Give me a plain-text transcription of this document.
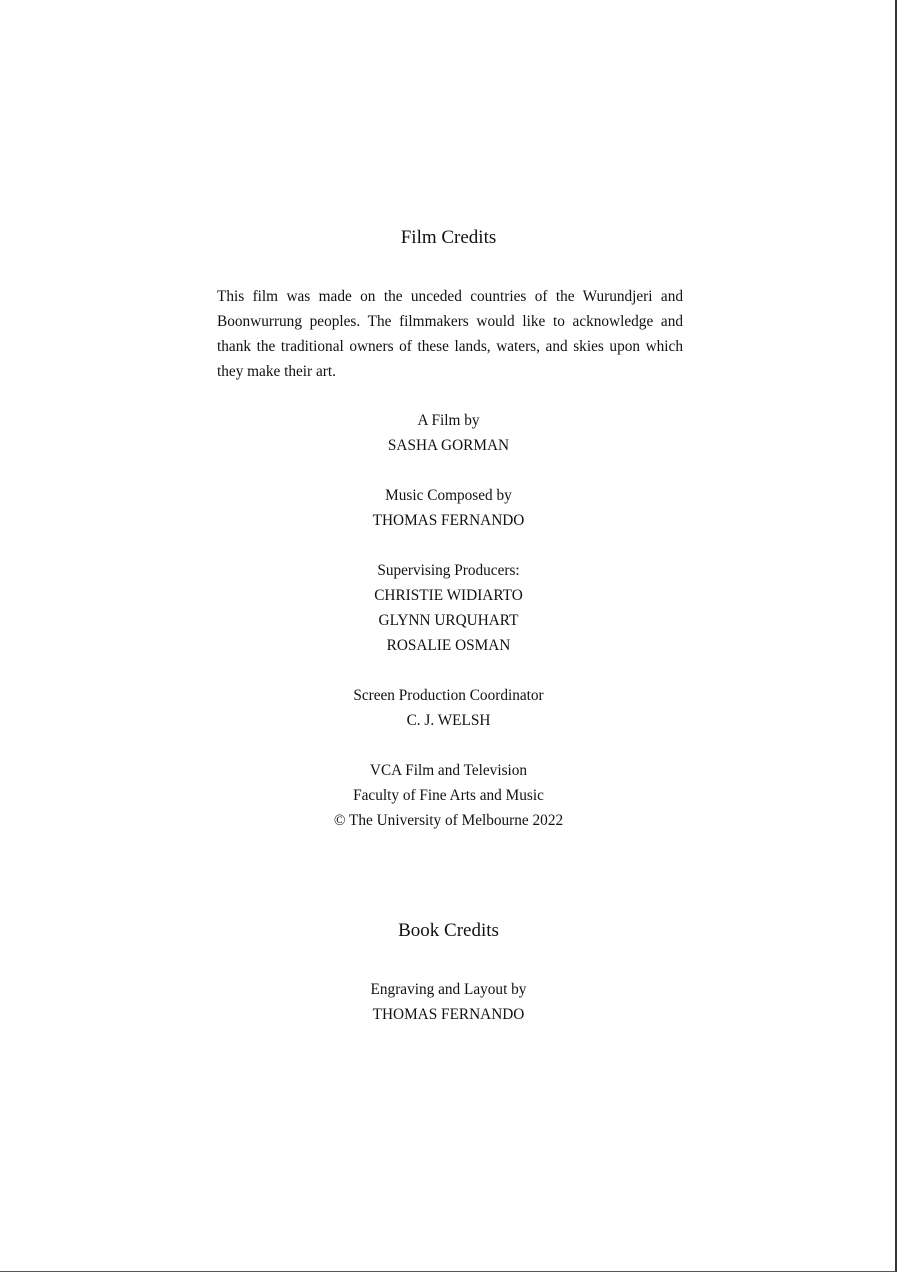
Film Credits

This film was made on the unceded countries of the Wurundjeri and Boonwurrung peoples. The filmmakers would like to acknowledge and thank the traditional owners of these lands, waters, and skies upon which they make their art.

A Film by
SASHA GORMAN
Music Composed by
THOMAS FERNANDO
Supervising Producers:
CHRISTIE WIDIARTO
GLYNN URQUHART
ROSALIE OSMAN
Screen Production Coordinator
C. J. WELSH
VCA Film and Television
Faculty of Fine Arts and Music
© The University of Melbourne 2022
Book Credits
Engraving and Layout by
THOMAS FERNANDO
